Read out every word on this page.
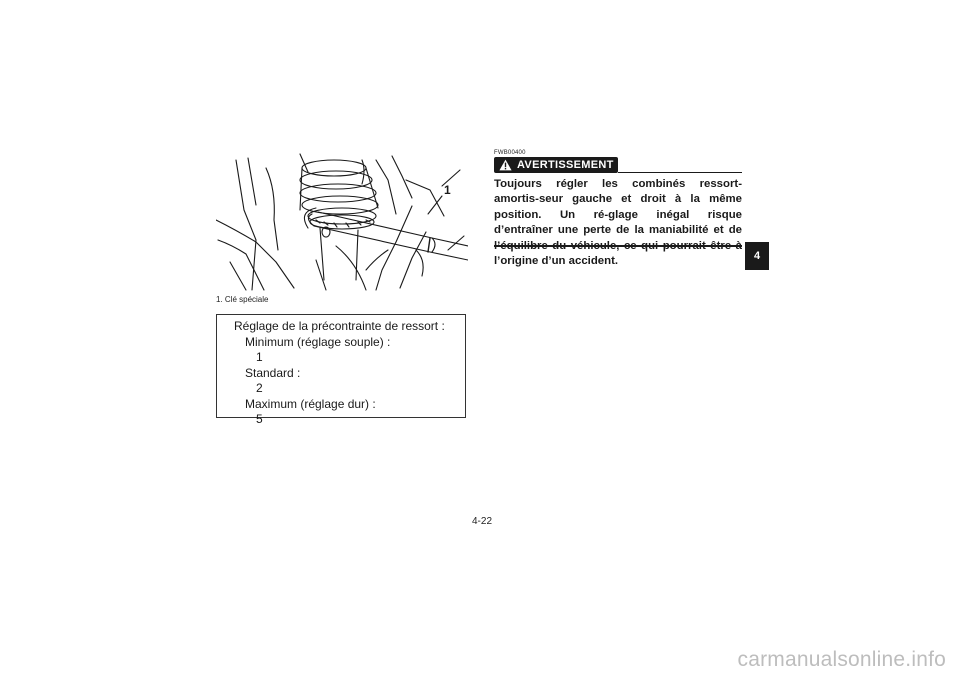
1
1. Clé spéciale
Réglage de la précontrainte de ressort :
Minimum (réglage souple) :
1
Standard :
2
Maximum (réglage dur) :
5
FWB00400
AVERTISSEMENT
Toujours régler les combinés ressort-amortis-seur gauche et droit à la même position. Un ré-glage inégal risque d’entraîner une perte de la maniabilité et de l’origine d’un accident.	4
4-22
carmanualsonline.info
